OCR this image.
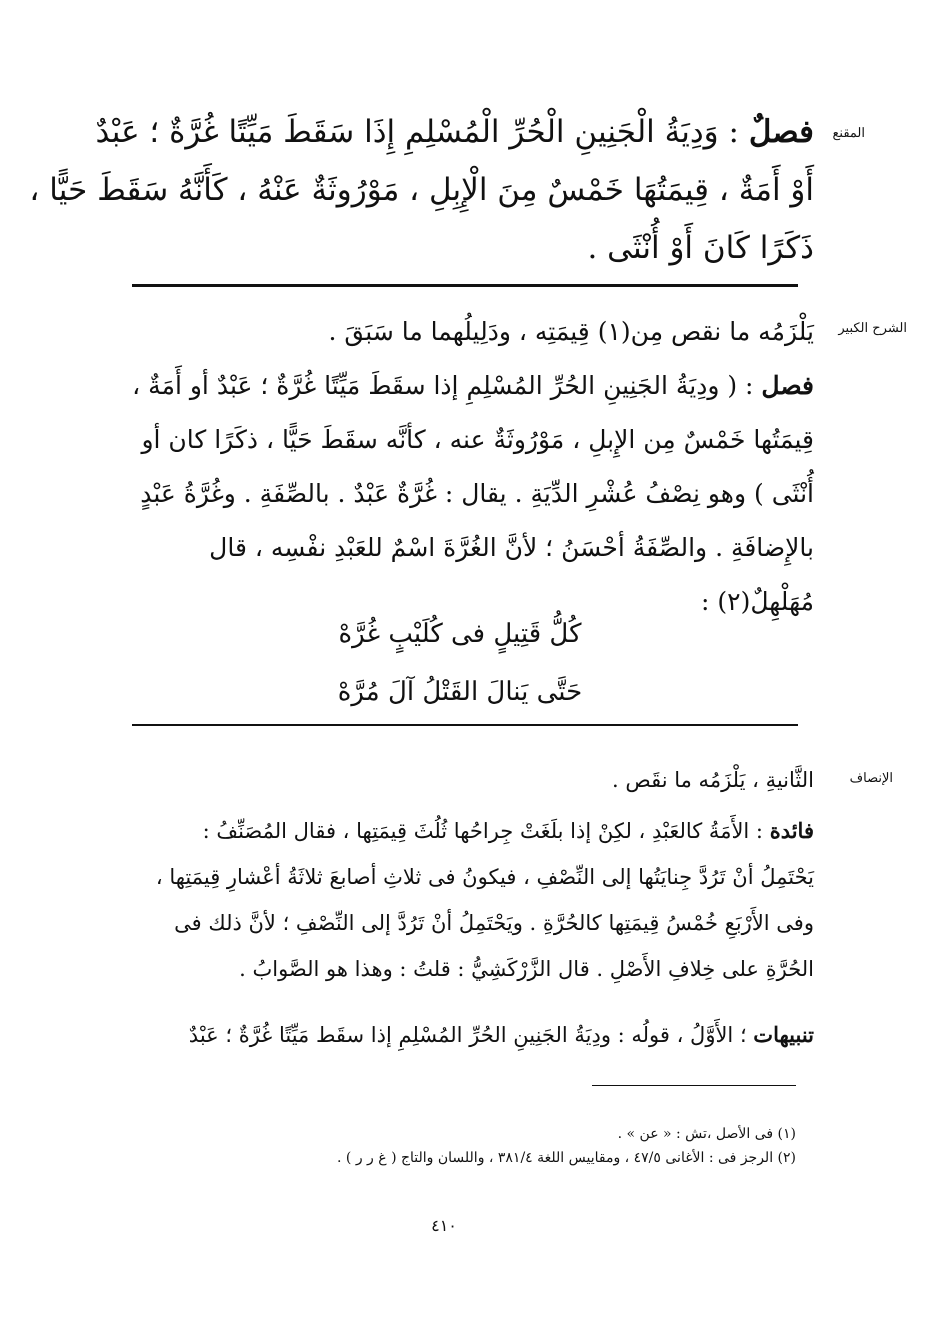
المقنع
فصلٌ : وَدِيَةُ الْجَنِينِ الْحُرِّ الْمُسْلِمِ إِذَا سَقَطَ مَيِّتًا غُرَّةٌ ؛ عَبْدٌ
أَوْ أَمَةٌ ، قِيمَتُهَا خَمْسٌ مِنَ الْإِبِلِ ، مَوْرُوثَةٌ عَنْهُ ، كَأَنَّهُ سَقَطَ حَيًّا ،
ذَكَرًا كَانَ أَوْ أُنْثَى .
الشرح الكبير
يَلْزَمُه ما نقص مِن(١) قِيمَتِه ، ودَلِيلُهما ما سَبَقَ .
فصل : ( ودِيَةُ الجَنِينِ الحُرِّ المُسْلِمِ إذا سقَطَ مَيِّتًا غُرَّةٌ ؛ عَبْدٌ أو أَمَةٌ ،
قِيمَتُها خَمْسٌ مِن الإِبلِ ، مَوْرُوثَةٌ عنه ، كأنَّه سقَطَ حَيًّا ، ذكَرًا كان أو
أُنْثَى ) وهو نِصْفُ عُشْرِ الدِّيَةِ . يقال : غُرَّةٌ عَبْدٌ . بالصِّفَةِ . وغُرَّةُ عَبْدٍ
بالإِضافَةِ . والصِّفَةُ أحْسَنُ ؛ لأنَّ الغُرَّةَ اسْمٌ للعَبْدِ نفْسِه ، قال
مُهَلْهِلٌ(٢) :
كُلُّ قَتِيلٍ فى كُلَيْبٍ غُرَّهْ
حَتَّى يَنالَ القَتْلُ آلَ مُرَّهْ
الإنصاف
الثَّانيةِ ، يَلْزَمُه ما نقَص .
فائدة : الأَمَةُ كالعَبْدِ ، لكِنْ إذا بلَغَتْ جِراحُها ثُلُثَ قِيمَتِها ، فقال المُصَنِّفُ :
يَحْتَمِلُ أنْ تَرُدَّ جِنايَتُها إلى النِّصْفِ ، فيكونُ فى ثلاثِ أصابعَ ثلاثَةُ أعْشارِ قِيمَتِها ،
وفى الأَرْبَعِ خُمْسُ قِيمَتِها كالحُرَّةِ . ويَحْتَمِلُ أنْ تَرُدَّ إلى النِّصْفِ ؛ لأنَّ ذلك فى
الحُرَّةِ على خِلافِ الأَصْلِ . قال الزَّرْكَشِيُّ : قلتُ : وهذا هو الصَّوابُ .
تنبيهات ؛ الأَوَّلُ ، قولُه : ودِيَةُ الجَنِينِ الحُرِّ المُسْلِمِ إذا سقَط مَيِّتًا غُرَّةٌ ؛ عَبْدٌ
(١) فى الأصل ،تش : « عن » .
(٢) الرجز فى : الأغانى ٤٧/٥ ، ومقاييس اللغة ٣٨١/٤ ، واللسان والتاج ( غ ر ر ) .
٤١٠
